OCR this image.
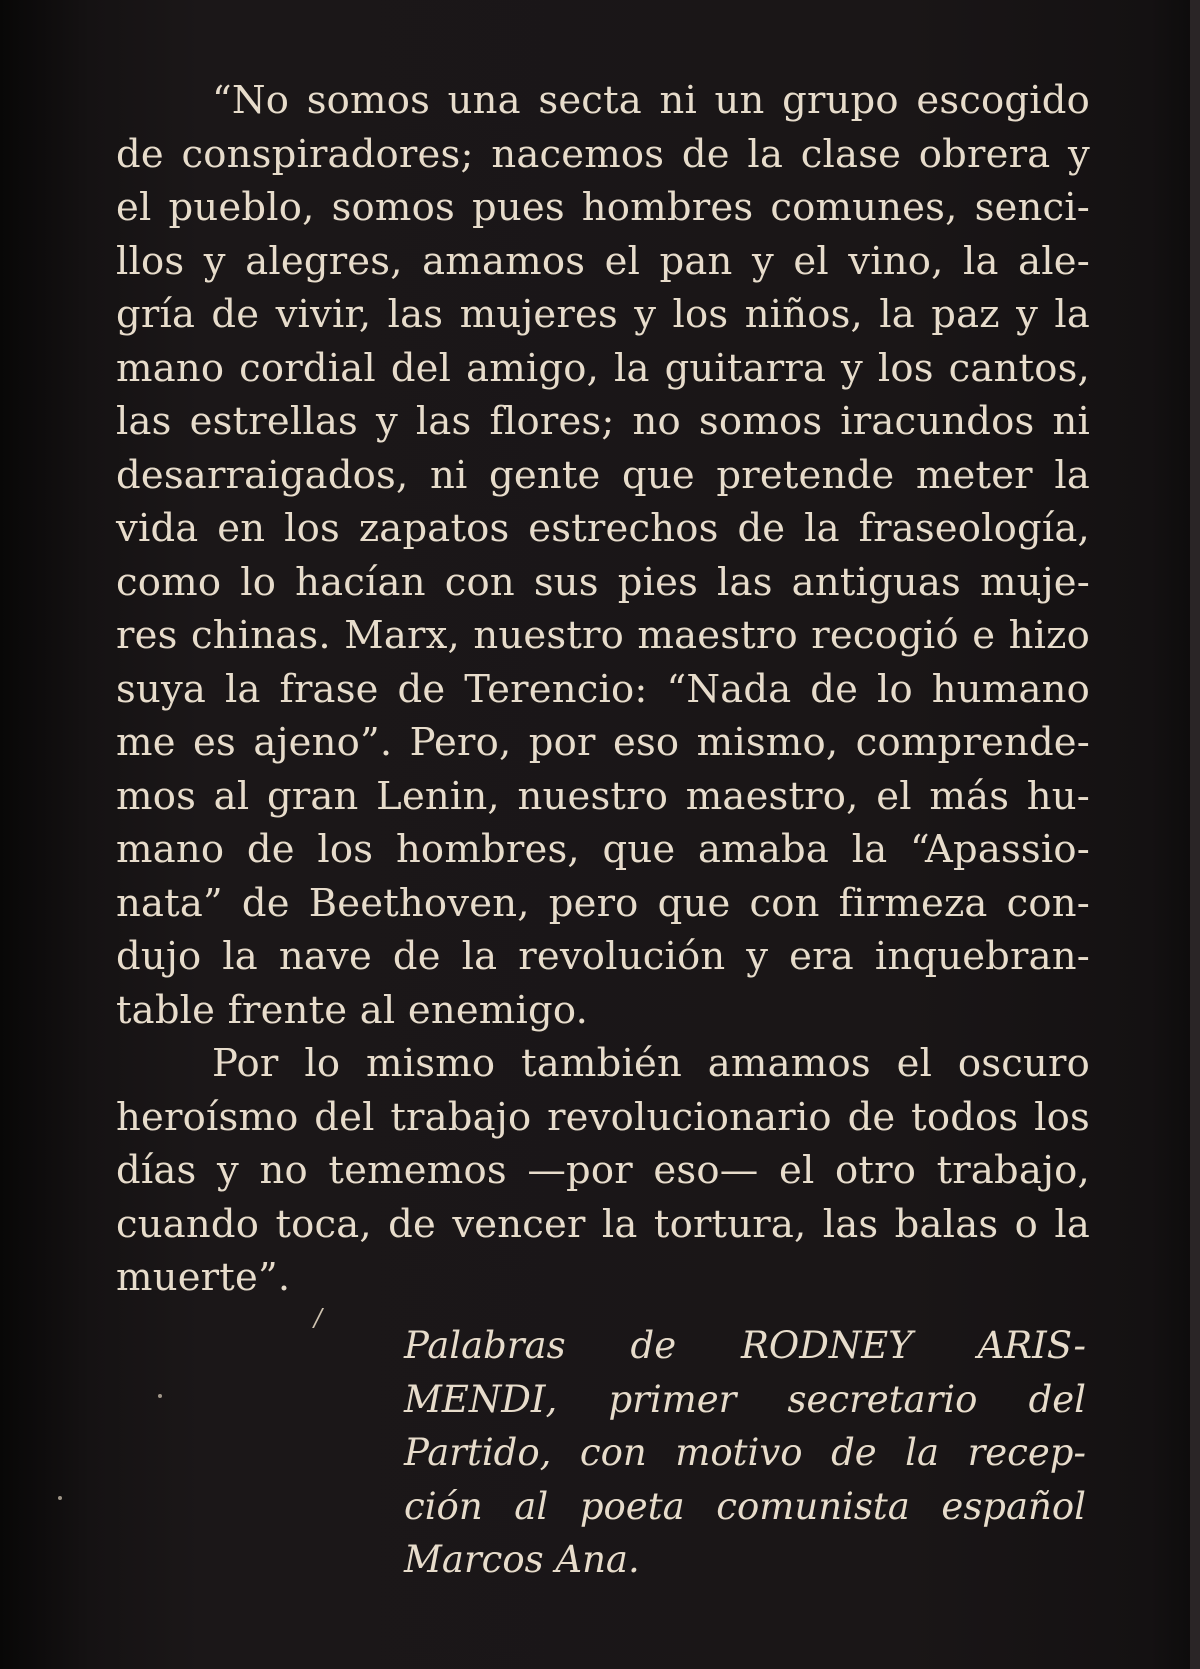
“No somos una secta ni un grupo escogido
de conspiradores; nacemos de la clase obrera y
el pueblo, somos pues hombres comunes, senci-
llos y alegres, amamos el pan y el vino, la ale-
gría de vivir, las mujeres y los niños, la paz y la
mano cordial del amigo, la guitarra y los cantos,
las estrellas y las flores; no somos iracundos ni
desarraigados, ni gente que pretende meter la
vida en los zapatos estrechos de la fraseología,
como lo hacían con sus pies las antiguas muje-
res chinas. Marx, nuestro maestro recogió e hizo
suya la frase de Terencio: “Nada de lo humano
me es ajeno”. Pero, por eso mismo, comprende-
mos al gran Lenin, nuestro maestro, el más hu-
mano de los hombres, que amaba la “Apassio-
nata” de Beethoven, pero que con firmeza con-
dujo la nave de la revolución y era inquebran-
table frente al enemigo.
Por lo mismo también amamos el oscuro
heroísmo del trabajo revolucionario de todos los
días y no tememos —por eso— el otro trabajo,
cuando toca, de vencer la tortura, las balas o la
muerte”.
/
Palabras de RODNEY ARIS-
MENDI, primer secretario del
Partido, con motivo de la recep-
ción al poeta comunista español
Marcos Ana.
